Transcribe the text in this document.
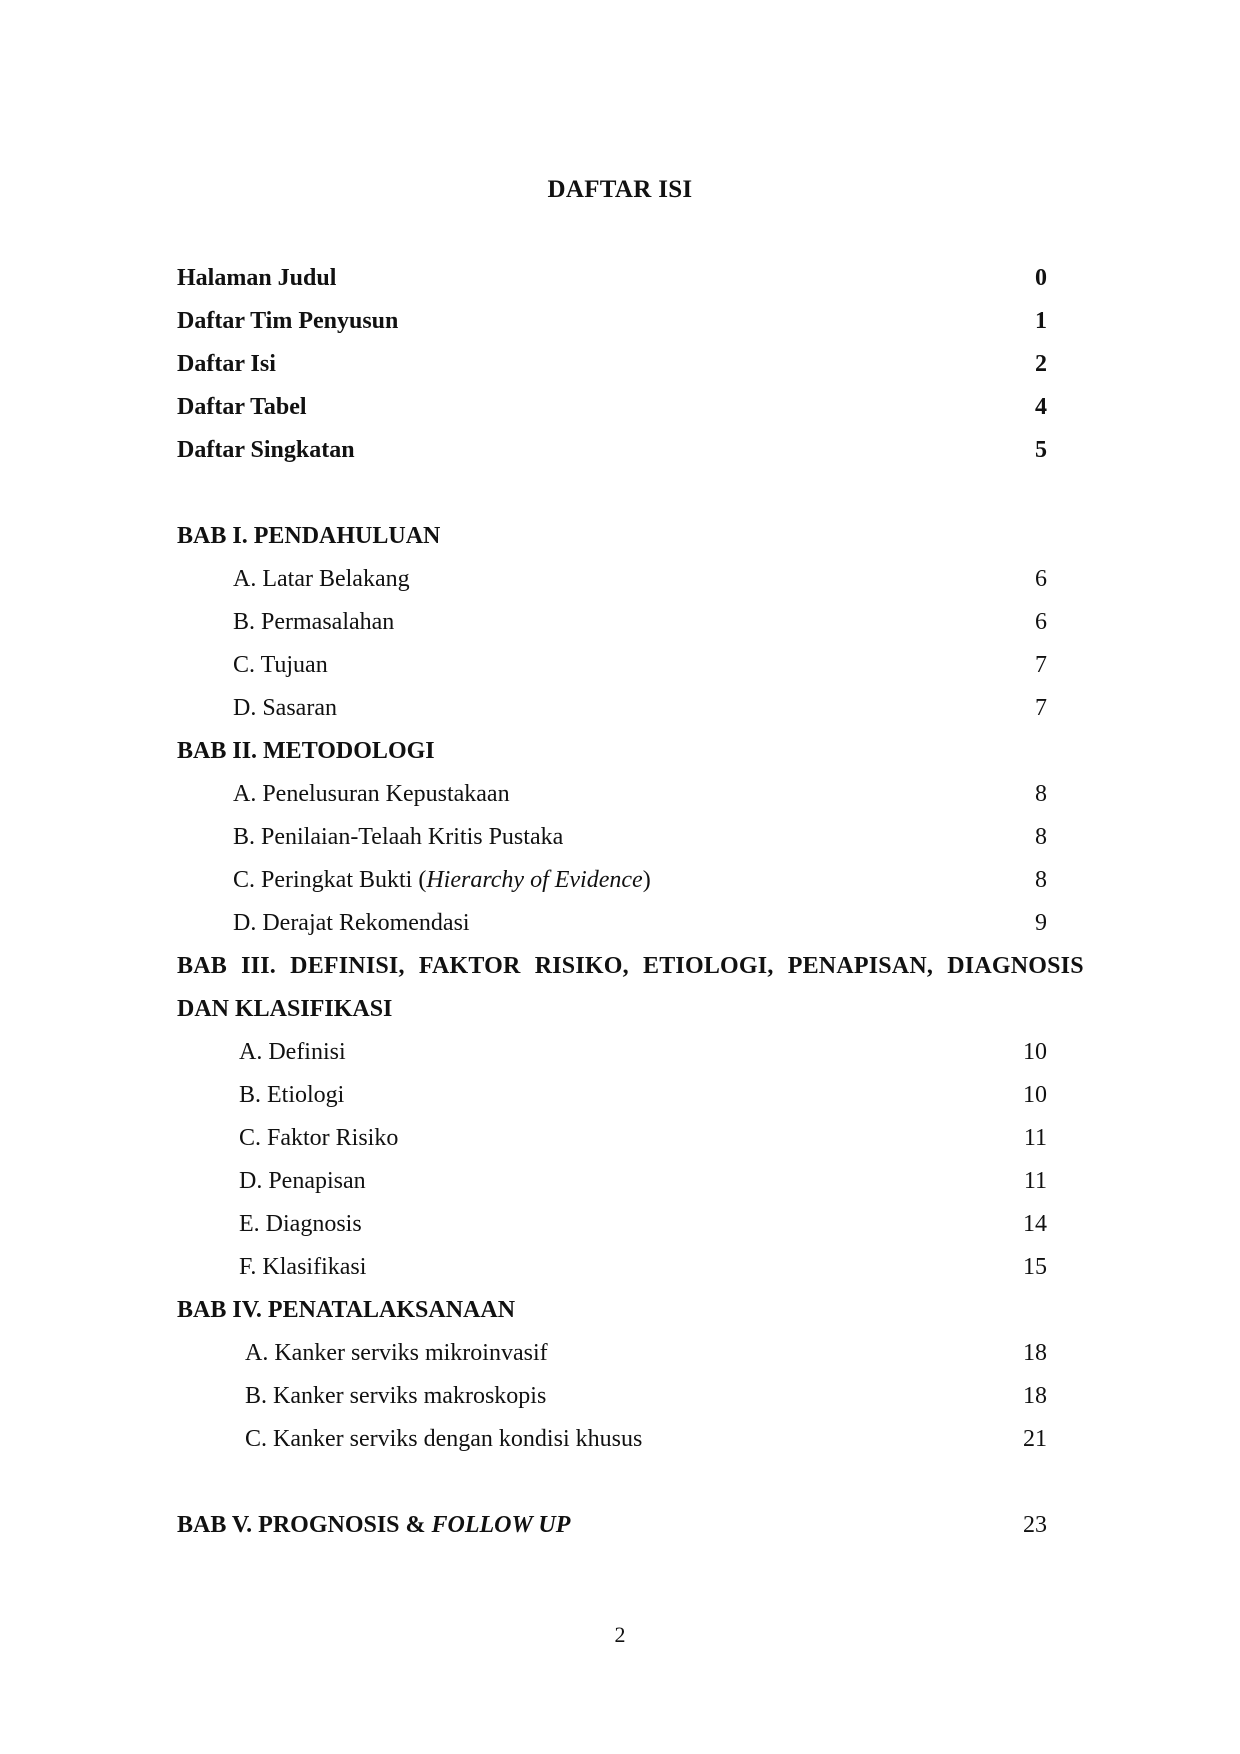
DAFTAR ISI
Halaman Judul	0
Daftar Tim Penyusun	1
Daftar Isi	2
Daftar Tabel	4
Daftar Singkatan	5
BAB I. PENDAHULUAN
A. Latar Belakang	6
B. Permasalahan	6
C. Tujuan	7
D. Sasaran	7
BAB II. METODOLOGI
A. Penelusuran Kepustakaan	8
B. Penilaian-Telaah Kritis Pustaka	8
C. Peringkat Bukti (Hierarchy of Evidence)	8
D. Derajat Rekomendasi	9
BAB III. DEFINISI, FAKTOR RISIKO, ETIOLOGI, PENAPISAN, DIAGNOSIS
DAN KLASIFIKASI
A. Definisi	10
B. Etiologi	10
C. Faktor Risiko	11
D. Penapisan	11
E. Diagnosis	14
F. Klasifikasi	15
BAB IV. PENATALAKSANAAN
A. Kanker serviks mikroinvasif	18
B. Kanker serviks makroskopis	18
C. Kanker serviks dengan kondisi khusus	21
BAB V. PROGNOSIS & FOLLOW UP	23
2
